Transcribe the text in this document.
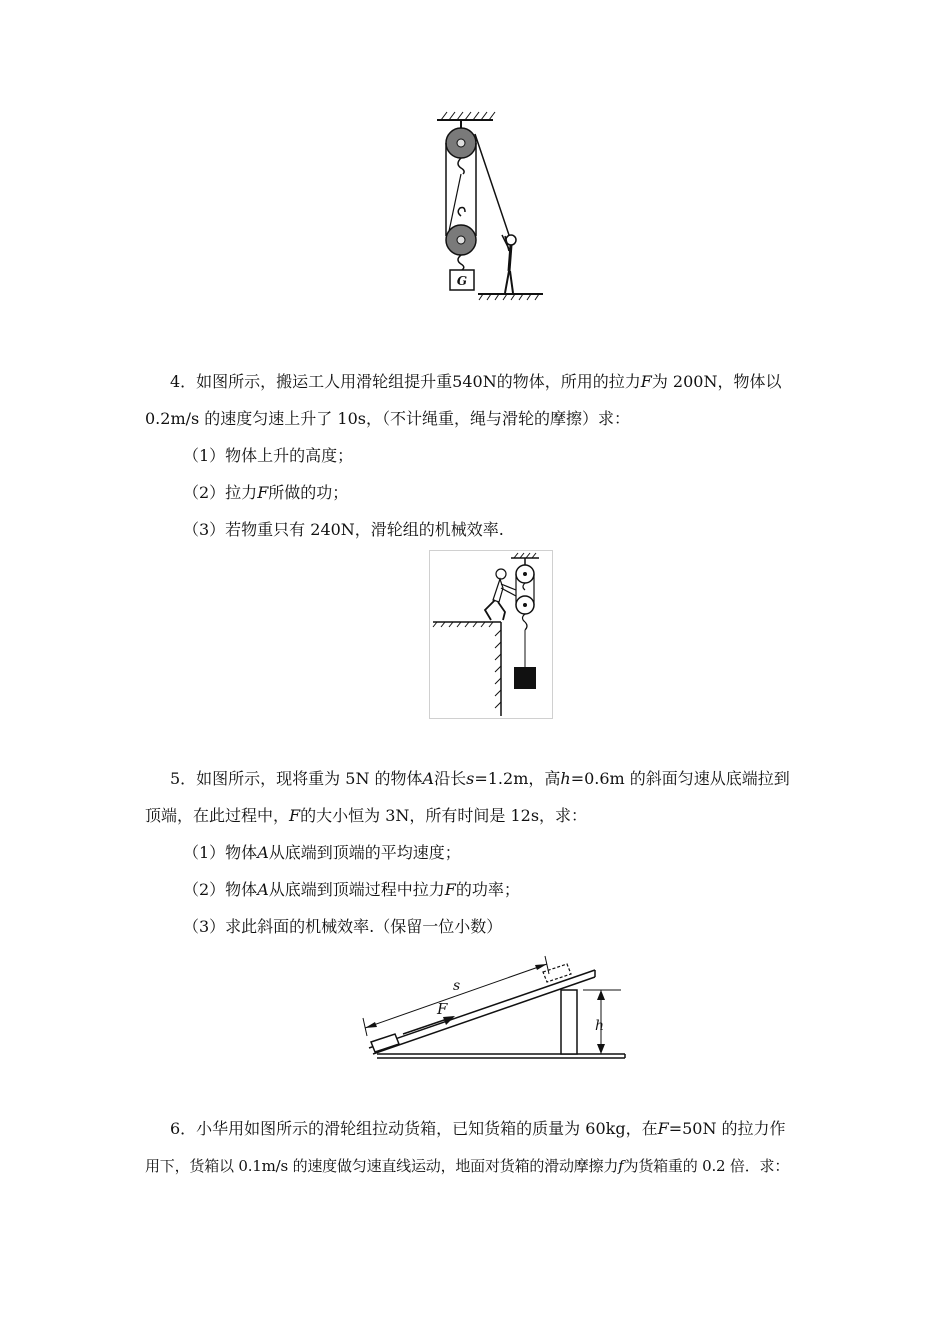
G
4．如图所示，搬运工人用滑轮组提升重540N的物体，所用的拉力F为 200N，物体以
0.2m/s 的速度匀速上升了 10s，（不计绳重，绳与滑轮的摩擦）求：
（1）物体上升的高度；
（2）拉力F所做的功；
（3）若物重只有 240N，滑轮组的机械效率.
5．如图所示，现将重为 5N 的物体A沿长s=1.2m，高h=0.6m 的斜面匀速从底端拉到
顶端，在此过程中，F的大小恒为 3N，所有时间是 12s，求：
（1）物体A从底端到顶端的平均速度；
（2）物体A从底端到顶端过程中拉力F的功率；
（3）求此斜面的机械效率.（保留一位小数）
s
F
h
6．小华用如图所示的滑轮组拉动货箱，已知货箱的质量为 60kg，在F=50N 的拉力作
用下，货箱以 0.1m/s 的速度做匀速直线运动，地面对货箱的滑动摩擦力f为货箱重的 0.2 倍．求：
